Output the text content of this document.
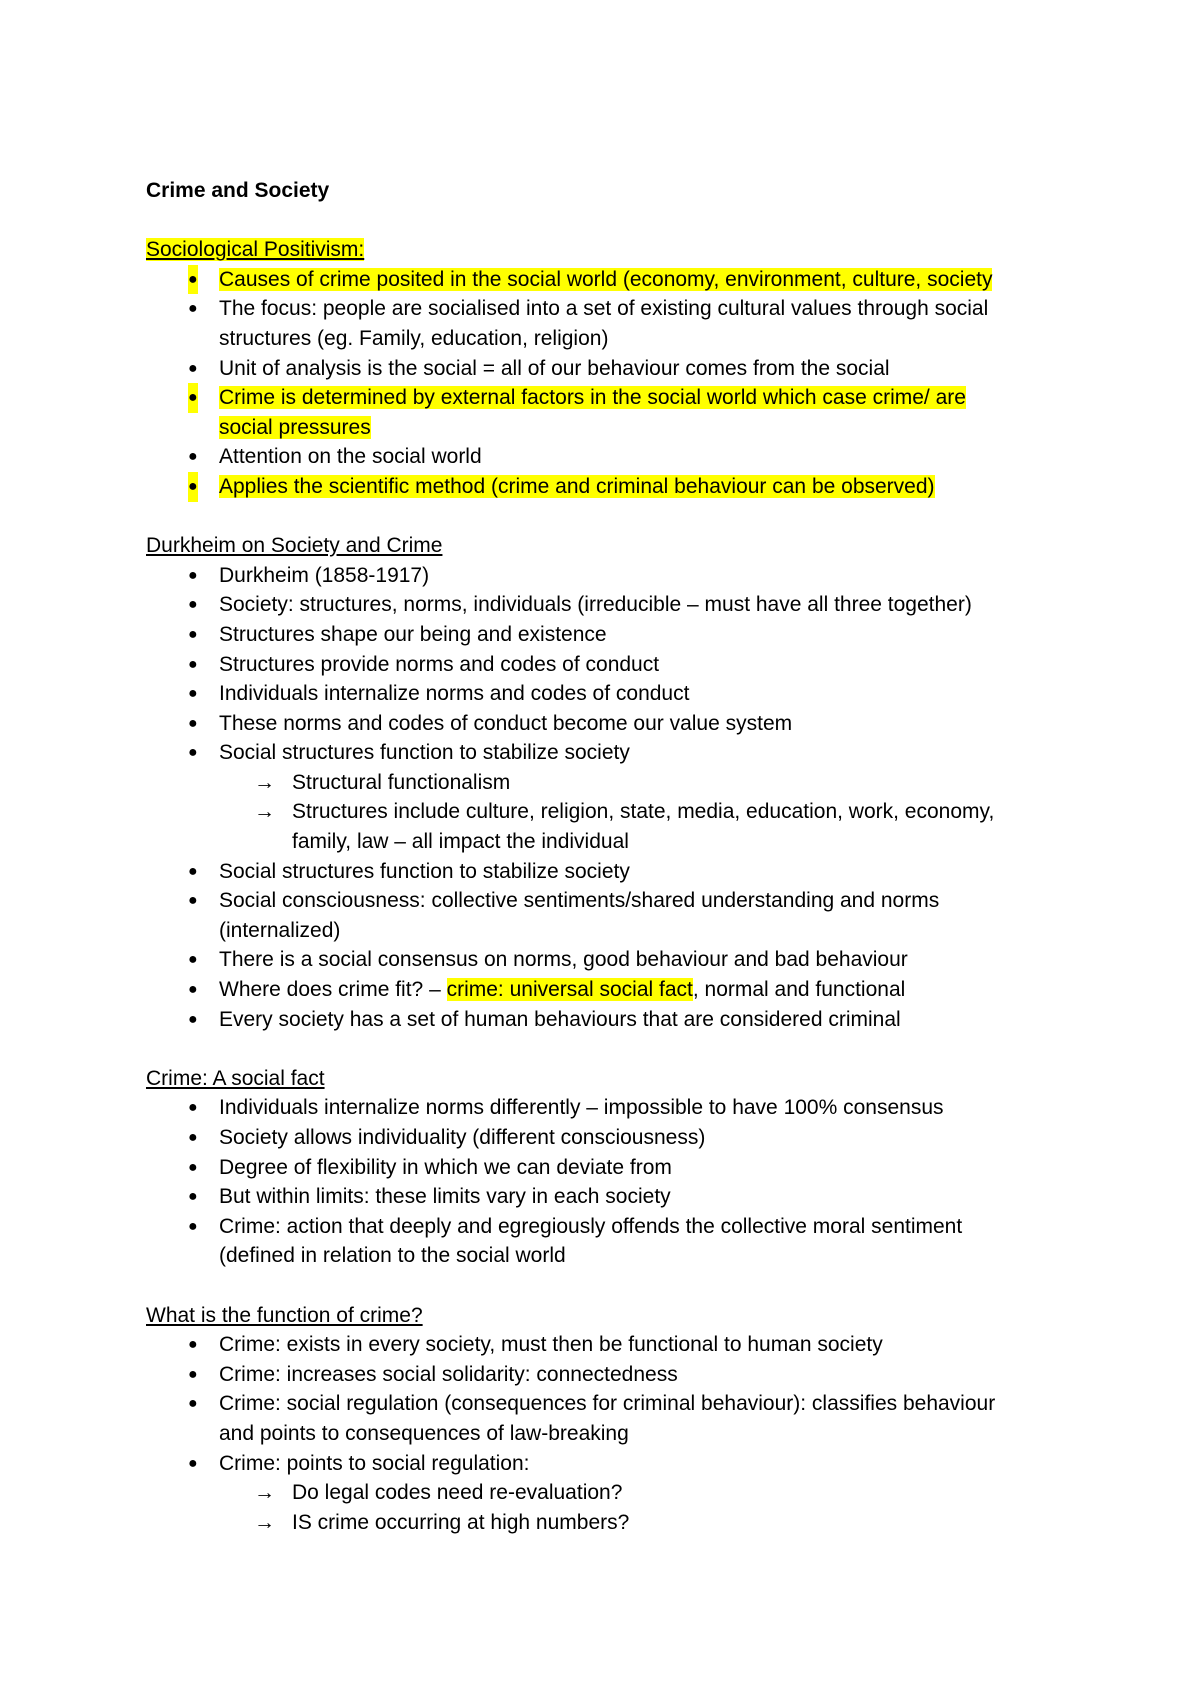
Crime and Society
Sociological Positivism:
● Causes of crime posited in the social world (economy, environment, culture, society
● The focus: people are socialised into a set of existing cultural values through social
structures (eg. Family, education, religion)
● Unit of analysis is the social = all of our behaviour comes from the social
● Crime is determined by external factors in the social world which case crime/ are
social pressures
● Attention on the social world
● Applies the scientific method (crime and criminal behaviour can be observed)
Durkheim on Society and Crime
● Durkheim (1858-1917)
● Society: structures, norms, individuals (irreducible – must have all three together)
● Structures shape our being and existence
● Structures provide norms and codes of conduct
● Individuals internalize norms and codes of conduct
● These norms and codes of conduct become our value system
● Social structures function to stabilize society
→ Structural functionalism
→ Structures include culture, religion, state, media, education, work, economy,
family, law – all impact the individual
● Social structures function to stabilize society
● Social consciousness: collective sentiments/shared understanding and norms
(internalized)
● There is a social consensus on norms, good behaviour and bad behaviour
● Where does crime fit? – crime: universal social fact, normal and functional
● Every society has a set of human behaviours that are considered criminal
Crime: A social fact
● Individuals internalize norms differently – impossible to have 100% consensus
● Society allows individuality (different consciousness)
● Degree of flexibility in which we can deviate from
● But within limits: these limits vary in each society
● Crime: action that deeply and egregiously offends the collective moral sentiment
(defined in relation to the social world
What is the function of crime?
● Crime: exists in every society, must then be functional to human society
● Crime: increases social solidarity: connectedness
● Crime: social regulation (consequences for criminal behaviour): classifies behaviour
and points to consequences of law-breaking
● Crime: points to social regulation:
→ Do legal codes need re-evaluation?
→ IS crime occurring at high numbers?
